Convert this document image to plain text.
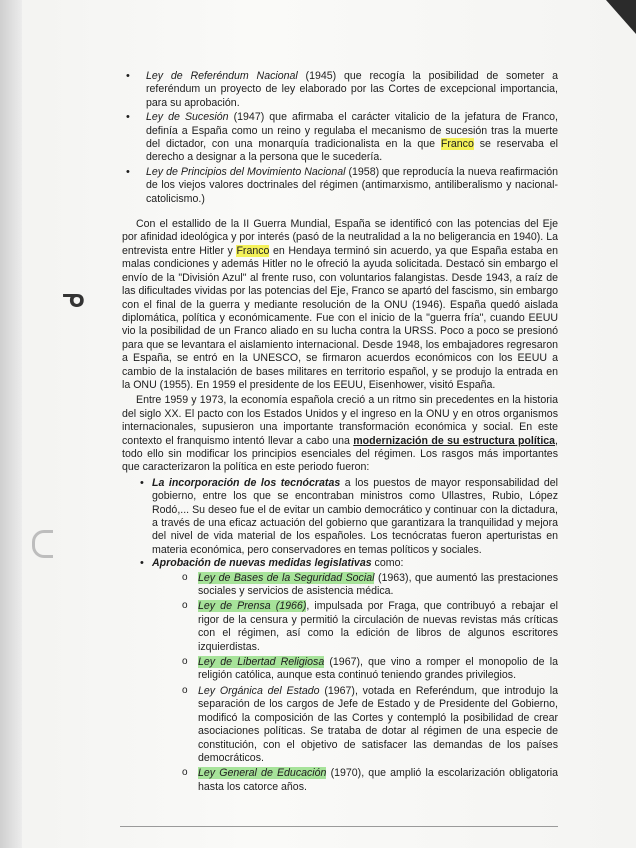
ᓀ
• Ley de Referéndum Nacional (1945) que recogía la posibilidad de someter a referéndum un proyecto de ley elaborado por las Cortes de excepcional importancia, para su aprobación.
• Ley de Sucesión (1947) que afirmaba el carácter vitalicio de la jefatura de Franco, definía a España como un reino y regulaba el mecanismo de sucesión tras la muerte del dictador, con una monarquía tradicionalista en la que Franco se reservaba el derecho a designar a la persona que le sucedería.
• Ley de Principios del Movimiento Nacional (1958) que reproducía la nueva reafirmación de los viejos valores doctrinales del régimen (antimarxismo, antiliberalismo y nacional-catolicismo.)

Con el estallido de la II Guerra Mundial, España se identificó con las potencias del Eje por afinidad ideológica y por interés (pasó de la neutralidad a la no beligerancia en 1940). La entrevista entre Hitler y Franco en Hendaya terminó sin acuerdo, ya que España estaba en malas condiciones y además Hitler no le ofreció la ayuda solicitada. Destacó sin embargo el envío de la "División Azul" al frente ruso, con voluntarios falangistas. Desde 1943, a raíz de las dificultades vividas por las potencias del Eje, Franco se apartó del fascismo, sin embargo con el final de la guerra y mediante resolución de la ONU (1946). España quedó aislada diplomática, política y económicamente. Fue con el inicio de la "guerra fría", cuando EEUU vio la posibilidad de un Franco aliado en su lucha contra la URSS. Poco a poco se presionó para que se levantara el aislamiento internacional. Desde 1948, los embajadores regresaron a España, se entró en la UNESCO, se firmaron acuerdos económicos con los EEUU a cambio de la instalación de bases militares en territorio español, y se produjo la entrada en la ONU (1955). En 1959 el presidente de los EEUU, Eisenhower, visitó España.

Entre 1959 y 1973, la economía española creció a un ritmo sin precedentes en la historia del siglo XX. El pacto con los Estados Unidos y el ingreso en la ONU y en otros organismos internacionales, supusieron una importante transformación económica y social. En este contexto el franquismo intentó llevar a cabo una modernización de su estructura política, todo ello sin modificar los principios esenciales del régimen. Los rasgos más importantes que caracterizaron la política en este periodo fueron:

• La incorporación de los tecnócratas a los puestos de mayor responsabilidad del gobierno, entre los que se encontraban ministros como Ullastres, Rubio, López Rodó,... Su deseo fue el de evitar un cambio democrático y continuar con la dictadura, a través de una eficaz actuación del gobierno que garantizara la tranquilidad y mejora del nivel de vida material de los españoles. Los tecnócratas fueron aperturistas en materia económica, pero conservadores en temas políticos y sociales.
• Aprobación de nuevas medidas legislativas como:
o Ley de Bases de la Seguridad Social (1963), que aumentó las prestaciones sociales y servicios de asistencia médica.
o Ley de Prensa (1966), impulsada por Fraga, que contribuyó a rebajar el rigor de la censura y permitió la circulación de nuevas revistas más críticas con el régimen, así como la edición de libros de algunos escritores izquierdistas.
o Ley de Libertad Religiosa (1967), que vino a romper el monopolio de la religión católica, aunque esta continuó teniendo grandes privilegios.
o Ley Orgánica del Estado (1967), votada en Referéndum, que introdujo la separación de los cargos de Jefe de Estado y de Presidente del Gobierno, modificó la composición de las Cortes y contempló la posibilidad de crear asociaciones políticas. Se trataba de dotar al régimen de una especie de constitución, con el objetivo de satisfacer las demandas de los países democráticos.
o Ley General de Educación (1970), que amplió la escolarización obligatoria hasta los catorce años.
